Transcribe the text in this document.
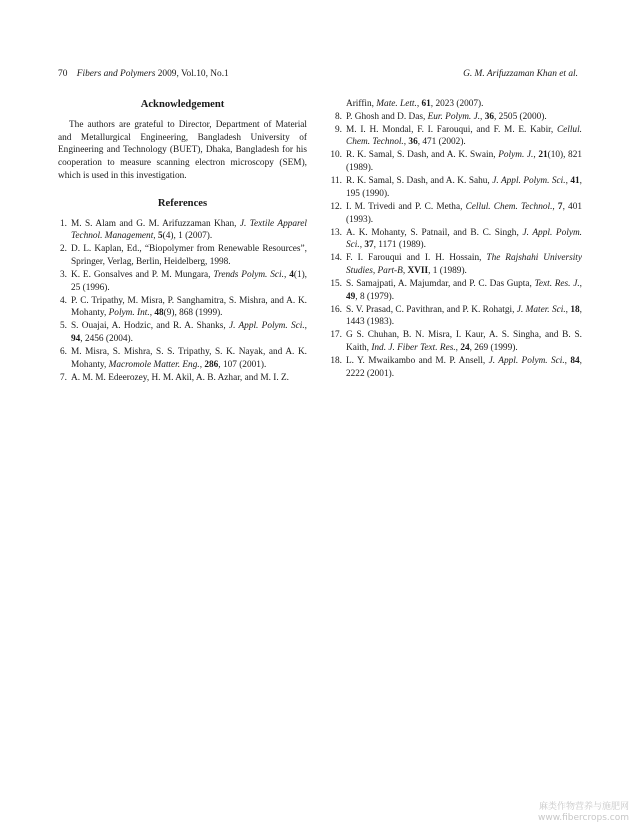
70 Fibers and Polymers 2009, Vol.10, No.1	G. M. Arifuzzaman Khan et al.
Acknowledgement

The authors are grateful to Director, Department of Material and Metallurgical Engineering, Bangladesh University of Engineering and Technology (BUET), Dhaka, Bangladesh for his cooperation to measure scanning electron microscopy (SEM), which is used in this investigation.

References
1. M. S. Alam and G. M. Arifuzzaman Khan, J. Textile Apparel Technol. Management, 5(4), 1 (2007).
2. D. L. Kaplan, Ed., “Biopolymer from Renewable Resources”, Springer, Verlag, Berlin, Heidelberg, 1998.
3. K. E. Gonsalves and P. M. Mungara, Trends Polym. Sci., 4(1), 25 (1996).
4. P. C. Tripathy, M. Misra, P. Sanghamitra, S. Mishra, and A. K. Mohanty, Polym. Int., 48(9), 868 (1999).
5. S. Ouajai, A. Hodzic, and R. A. Shanks, J. Appl. Polym. Sci., 94, 2456 (2004).
6. M. Misra, S. Mishra, S. S. Tripathy, S. K. Nayak, and A. K. Mohanty, Macromole Matter. Eng., 286, 107 (2001).
7. A. M. M. Edeerozey, H. M. Akil, A. B. Azhar, and M. I. Z.
Ariffin, Mate. Lett., 61, 2023 (2007).
8. P. Ghosh and D. Das, Eur. Polym. J., 36, 2505 (2000).
9. M. I. H. Mondal, F. I. Farouqui, and F. M. E. Kabir, Cellul. Chem. Technol., 36, 471 (2002).
10. R. K. Samal, S. Dash, and A. K. Swain, Polym. J., 21(10), 821 (1989).
11. R. K. Samal, S. Dash, and A. K. Sahu, J. Appl. Polym. Sci., 41, 195 (1990).
12. I. M. Trivedi and P. C. Metha, Cellul. Chem. Technol., 7, 401 (1993).
13. A. K. Mohanty, S. Patnail, and B. C. Singh, J. Appl. Polym. Sci., 37, 1171 (1989).
14. F. I. Farouqui and I. H. Hossain, The Rajshahi University Studies, Part-B, XVII, 1 (1989).
15. S. Samajpati, A. Majumdar, and P. C. Das Gupta, Text. Res. J., 49, 8 (1979).
16. S. V. Prasad, C. Pavithran, and P. K. Rohatgi, J. Mater. Sci., 18, 1443 (1983).
17. G S. Chuhan, B. N. Misra, I. Kaur, A. S. Singha, and B. S. Kaith, Ind. J. Fiber Text. Res., 24, 269 (1999).
18. L. Y. Mwaikambo and M. P. Ansell, J. Appl. Polym. Sci., 84, 2222 (2001).
麻类作物营养与施肥网
www.fibercrops.com
